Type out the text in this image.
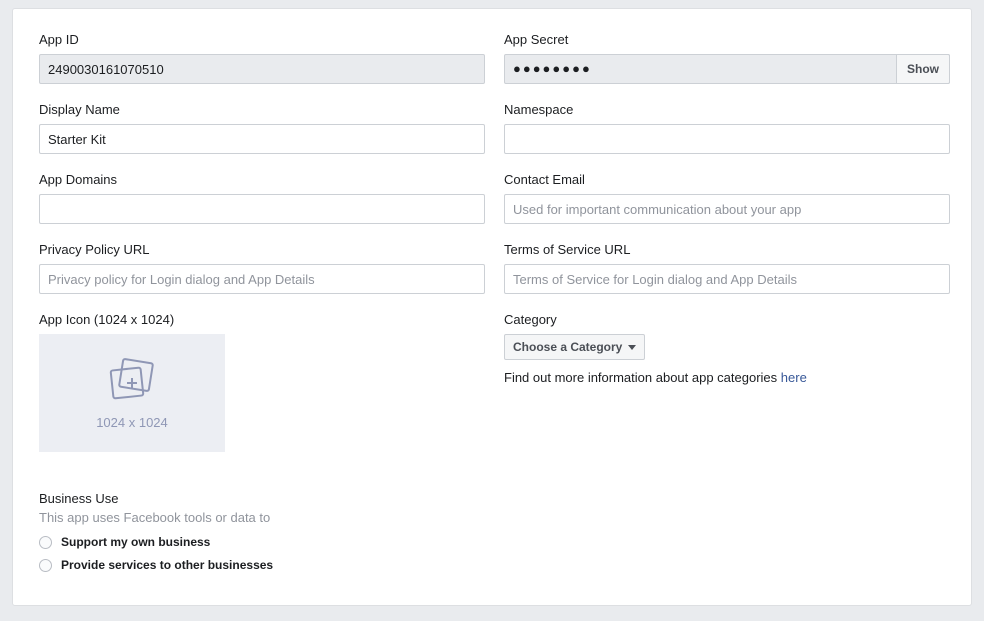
App ID
2490030161070510
Display Name
Starter Kit
App Domains
Privacy Policy URL
Privacy policy for Login dialog and App Details
App Icon (1024 x 1024)
1024 x 1024
App Secret
●●●●●●●●	Show
Namespace
Contact Email
Used for important communication about your app
Terms of Service URL
Terms of Service for Login dialog and App Details
Category
Choose a Category
Find out more information about app categories here
Business Use
This app uses Facebook tools or data to
Support my own business
Provide services to other businesses
